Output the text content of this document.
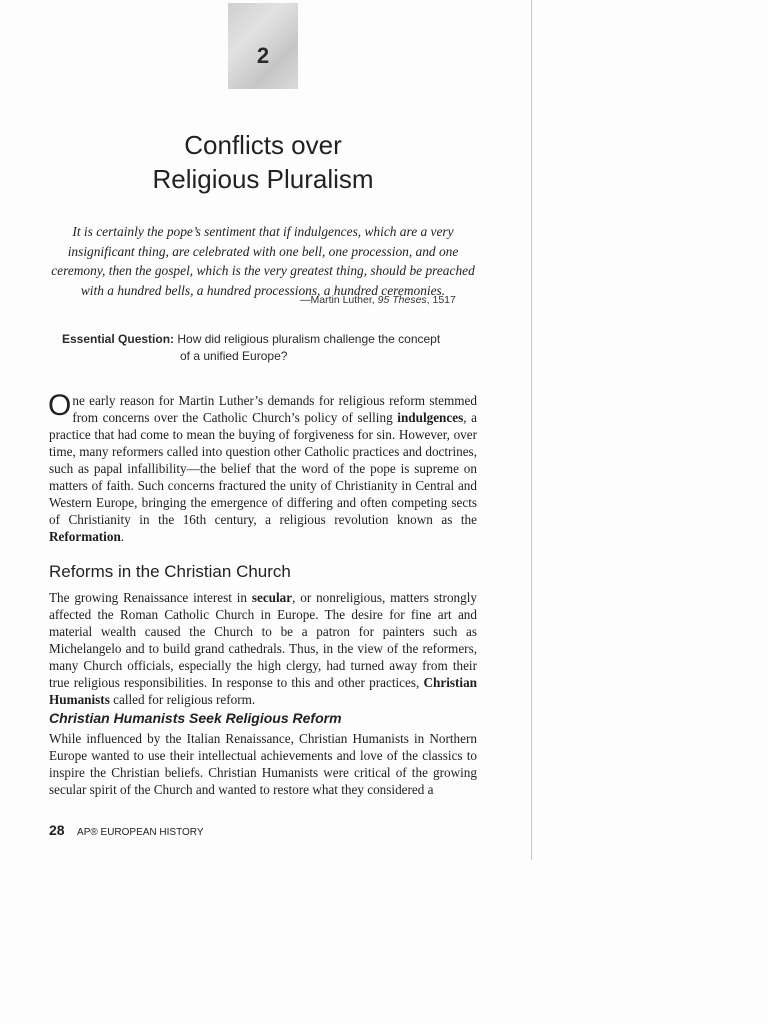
2
Conflicts over
Religious Pluralism

It is certainly the pope’s sentiment that if indulgences, which are a very insignificant thing, are celebrated with one bell, one procession, and one ceremony, then the gospel, which is the very greatest thing, should be preached with a hundred bells, a hundred processions, a hundred ceremonies.

—Martin Luther, 95 Theses, 1517
Essential Question: How did religious pluralism challenge the concept
of a unified Europe?

One early reason for Martin Luther’s demands for religious reform stemmed from concerns over the Catholic Church’s policy of selling indulgences, a practice that had come to mean the buying of forgiveness for sin. However, over time, many reformers called into question other Catholic practices and doctrines, such as papal infallibility—the belief that the word of the pope is supreme on matters of faith. Such concerns fractured the unity of Christianity in Central and Western Europe, bringing the emergence of differing and often competing sects of Christianity in the 16th century, a religious revolution known as the Reformation.

Reforms in the Christian Church

The growing Renaissance interest in secular, or nonreligious, matters strongly affected the Roman Catholic Church in Europe. The desire for fine art and material wealth caused the Church to be a patron for painters such as Michelangelo and to build grand cathedrals. Thus, in the view of the reformers, many Church officials, especially the high clergy, had turned away from their true religious responsibilities. In response to this and other practices, Christian Humanists called for religious reform.

Christian Humanists Seek Religious Reform

While influenced by the Italian Renaissance, Christian Humanists in Northern Europe wanted to use their intellectual achievements and love of the classics to inspire the Christian beliefs. Christian Humanists were critical of the growing secular spirit of the Church and wanted to restore what they considered a

28 AP® EUROPEAN HISTORY
